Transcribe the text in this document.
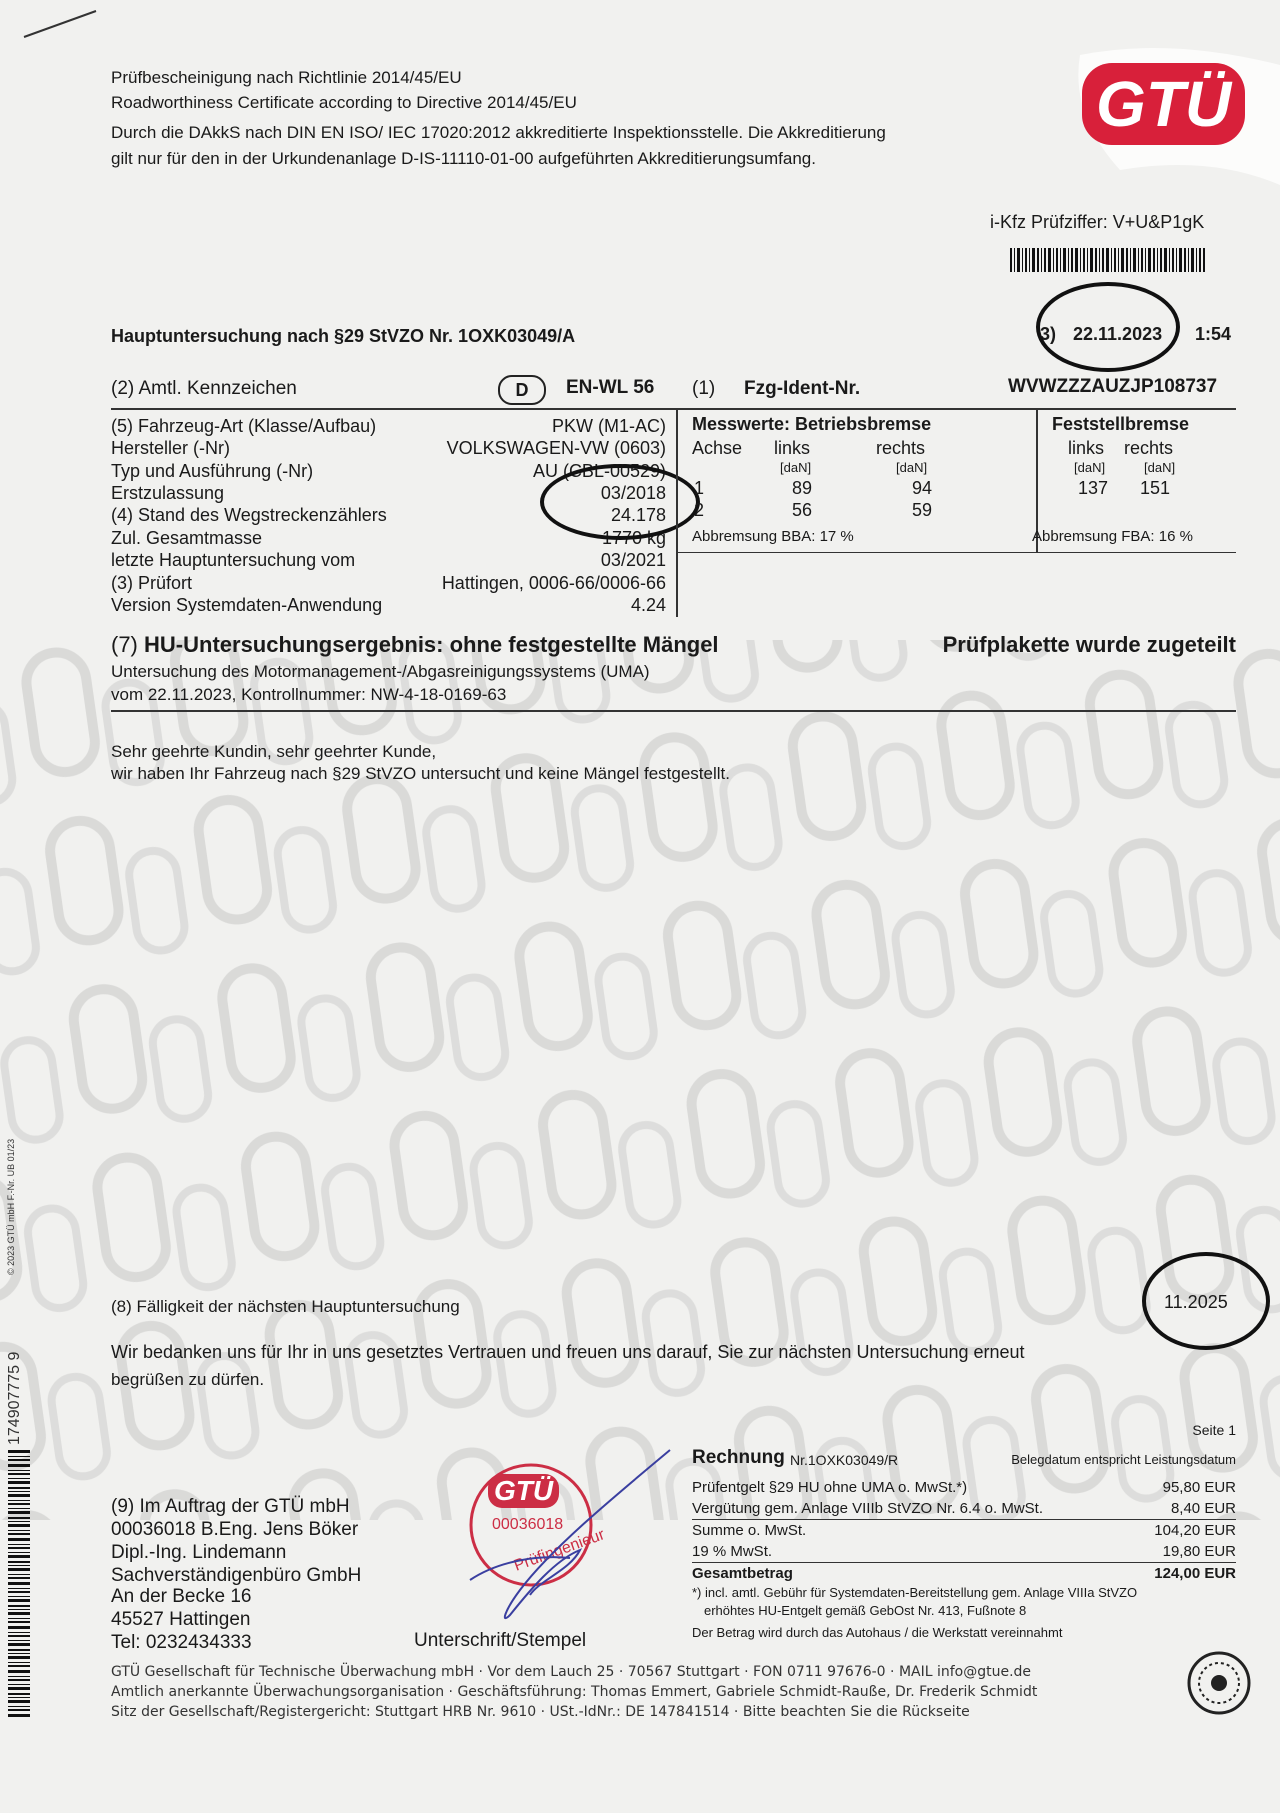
Prüfbescheinigung nach Richtlinie 2014/45/EU
Roadworthiness Certificate according to Directive 2014/45/EU
Durch die DAkkS nach DIN EN ISO/ IEC 17020:2012 akkreditierte Inspektionsstelle. Die Akkreditierung
gilt nur für den in der Urkundenanlage D-IS-11110-01-00 aufgeführten Akkreditierungsumfang.
GTÜ
i-Kfz Prüfziffer: V+U&P1gK
Hauptuntersuchung nach §29 StVZO Nr. 1OXK03049/A	3) 22.11.2023 1:54
(2) Amtl. Kennzeichen	D	EN-WL 56 (1) Fzg-Ident-Nr.	WVWZZZAUZJP108737
(5) Fahrzeug-Art (Klasse/Aufbau)	PKW (M1-AC)
Hersteller (-Nr)	VOLKSWAGEN-VW (0603)
Typ und Ausführung (-Nr)	AU (CBL-00529)
Erstzulassung	03/2018
(4) Stand des Wegstreckenzählers	24.178
Zul. Gesamtmasse	1770 kg
letzte Hauptuntersuchung vom	03/2021
(3) Prüfort	Hattingen, 0006-66/0006-66
Version Systemdaten-Anwendung	4.24
Messwerte: Betriebsbremse
Achse links	rechts
[daN]	[daN]
1	89	94
2	56	59
Abbremsung BBA: 17 %
Feststellbremse
links rechts
[daN]	[daN]
137 151
Abbremsung FBA: 16 %
(7) HU-Untersuchungsergebnis: ohne festgestellte Mängel	Prüfplakette wurde zugeteilt
Untersuchung des Motormanagement-/Abgasreinigungssystems (UMA)
vom 22.11.2023, Kontrollnummer: NW-4-18-0169-63
Sehr geehrte Kundin, sehr geehrter Kunde,
wir haben Ihr Fahrzeug nach §29 StVZO untersucht und keine Mängel festgestellt.
(8) Fälligkeit der nächsten Hauptuntersuchung	11.2025
Wir bedanken uns für Ihr in uns gesetztes Vertrauen und freuen uns darauf, Sie zur nächsten Untersuchung erneut
begrüßen zu dürfen.
Seite 1
(9) Im Auftrag der GTÜ mbH
00036018 B.Eng. Jens Böker
Dipl.-Ing. Lindemann
Sachverständigenbüro GmbH
An der Becke 16
45527 Hattingen
Tel: 0232434333	Unterschrift/Stempel
GTÜ
00036018
Prüfingenieur
Rechnung Nr.1OXK03049/R	Belegdatum entspricht Leistungsdatum
Prüfentgelt §29 HU ohne UMA o. MwSt.*)	95,80 EUR
Vergütung gem. Anlage VIIIb StVZO Nr. 6.4 o. MwSt.	8,40 EUR
Summe o. MwSt.	104,20 EUR
19 % MwSt.	19,80 EUR
Gesamtbetrag	124,00 EUR
*) incl. amtl. Gebühr für Systemdaten-Bereitstellung gem. Anlage VIIIa StVZO
erhöhtes HU-Entgelt gemäß GebOst Nr. 413, Fußnote 8
Der Betrag wird durch das Autohaus / die Werkstatt vereinnahmt
GTÜ Gesellschaft für Technische Überwachung mbH · Vor dem Lauch 25 · 70567 Stuttgart · FON 0711 97676-0 · MAIL info@gtue.de
Amtlich anerkannte Überwachungsorganisation · Geschäftsführung: Thomas Emmert, Gabriele Schmidt-Rauße, Dr. Frederik Schmidt
Sitz der Gesellschaft/Registergericht: Stuttgart HRB Nr. 9610 · USt.-IdNr.: DE 147841514 · Bitte beachten Sie die Rückseite
© 2023 GTÜ mbH F.-Nr. UB 01/23
174907775 9
